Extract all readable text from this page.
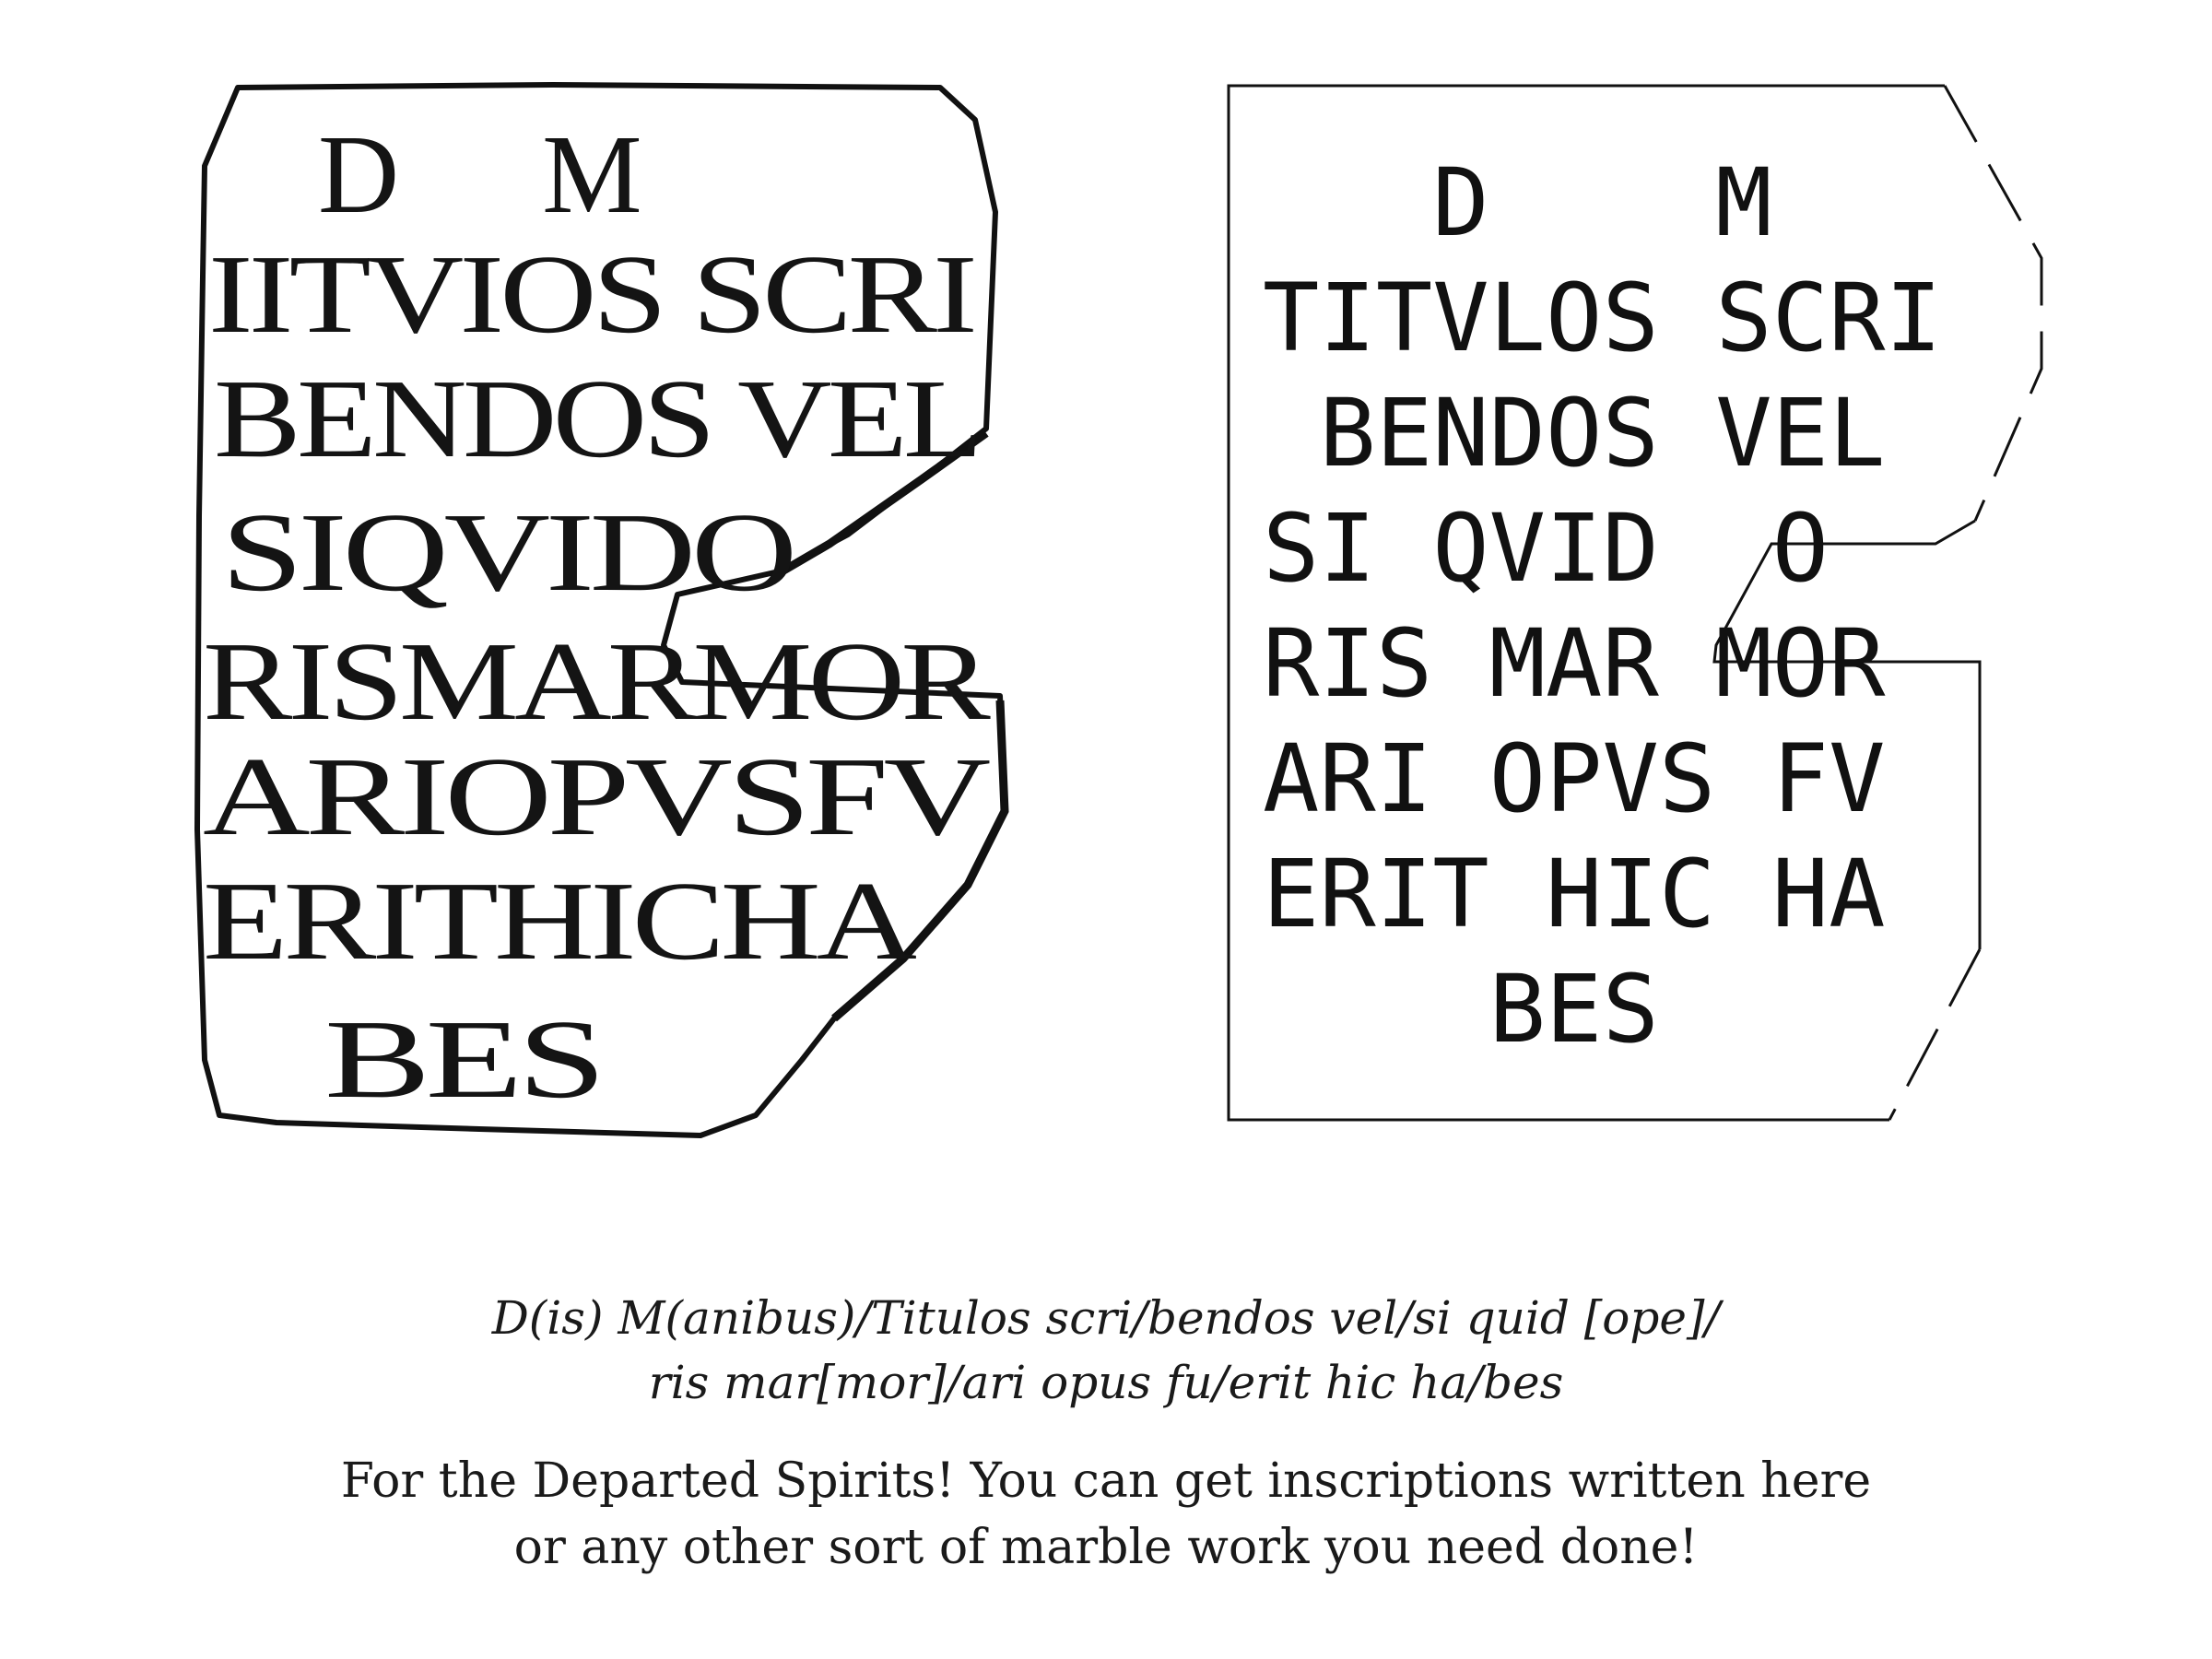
D      M
IITVIOS SCRI
BENDOS VEL
SIQVIDO
RISMARMOR
ARIOPVSFV
ERITHICHA
BES
D    M
TITVLOS SCRI
BENDOS VEL
SI QVID  O
RIS MAR MOR
ARI OPVS FV
ERIT HIC HA
BES
D(is) M(anibus)/Titulos scri/bendos vel/si quid [ope]/
ris mar[mor]/ari opus fu/erit hic ha/bes
For the Departed Spirits! You can get inscriptions written here
or any other sort of marble work you need done!
